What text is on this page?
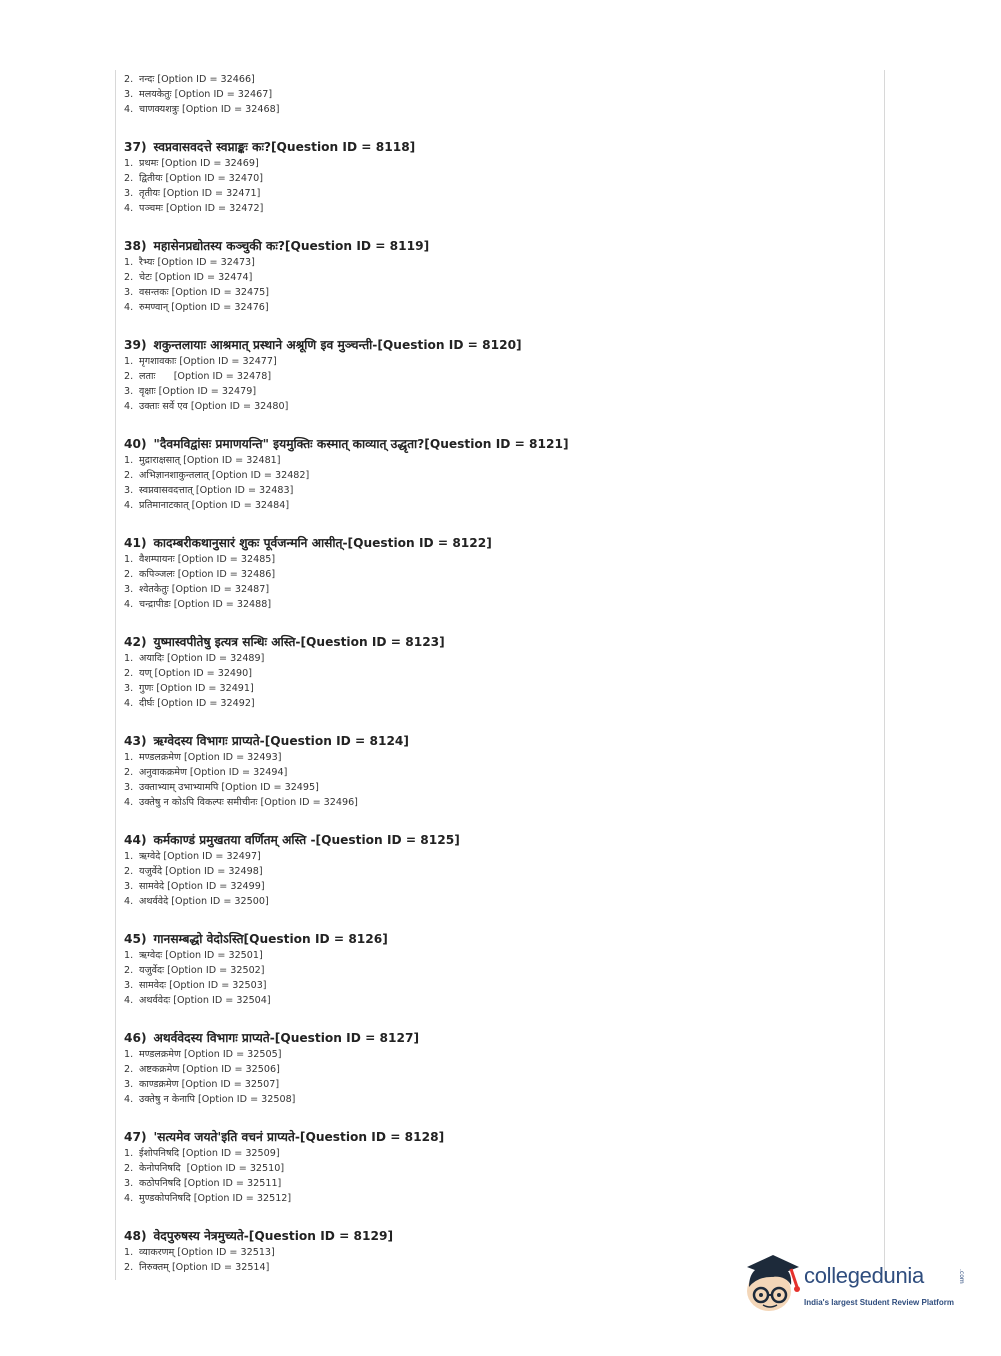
2. नन्दः [Option ID = 32466]
3. मलयकेतुः [Option ID = 32467]
4. चाणक्यशत्रुः [Option ID = 32468]
37) स्वप्नवासवदत्ते स्वप्नाङ्कः कः?[Question ID = 8118]
1. प्रथमः [Option ID = 32469]
2. द्वितीयः [Option ID = 32470]
3. तृतीयः [Option ID = 32471]
4. पञ्चमः [Option ID = 32472]
38) महासेनप्रद्योतस्य कञ्चुकी कः?[Question ID = 8119]
1. रैभ्यः [Option ID = 32473]
2. चेटः [Option ID = 32474]
3. वसन्तकः [Option ID = 32475]
4. रुमण्वान् [Option ID = 32476]
39) शकुन्तलायाः आश्रमात् प्रस्थाने अश्रूणि इव मुञ्चन्ती-[Question ID = 8120]
1. मृगशावकाः [Option ID = 32477]
2. लताः      [Option ID = 32478]
3. वृक्षाः [Option ID = 32479]
4. उक्ताः सर्वे एव [Option ID = 32480]
40) "दैवमविद्वांसः प्रमाणयन्ति" इयमुक्तिः कस्मात् काव्यात् उद्धृता?[Question ID = 8121]
1. मुद्राराक्षसात् [Option ID = 32481]
2. अभिज्ञानशाकुन्तलात् [Option ID = 32482]
3. स्वप्नवासवदत्तात् [Option ID = 32483]
4. प्रतिमानाटकात् [Option ID = 32484]
41) कादम्बरीकथानुसारं शुकः पूर्वजन्मनि आसीत्-[Question ID = 8122]
1. वैशम्पायनः [Option ID = 32485]
2. कपिञ्जलः [Option ID = 32486]
3. श्वेतकेतुः [Option ID = 32487]
4. चन्द्रापीडः [Option ID = 32488]
42) युष्मास्वपीतेषु इत्यत्र सन्धिः अस्ति-[Question ID = 8123]
1. अयादिः [Option ID = 32489]
2. यण् [Option ID = 32490]
3. गुणः [Option ID = 32491]
4. दीर्घः [Option ID = 32492]
43) ऋग्वेदस्य विभागः प्राप्यते-[Question ID = 8124]
1. मण्डलक्रमेण [Option ID = 32493]
2. अनुवाकक्रमेण [Option ID = 32494]
3. उक्ताभ्याम् उभाभ्यामपि [Option ID = 32495]
4. उक्तेषु न कोऽपि विकल्पः समीचीनः [Option ID = 32496]
44) कर्मकाण्डं प्रमुखतया वर्णितम् अस्ति -[Question ID = 8125]
1. ऋग्वेदे [Option ID = 32497]
2. यजुर्वेदे [Option ID = 32498]
3. सामवेदे [Option ID = 32499]
4. अथर्ववेदे [Option ID = 32500]
45) गानसम्बद्धो वेदोऽस्ति[Question ID = 8126]
1. ऋग्वेदः [Option ID = 32501]
2. यजुर्वेदः [Option ID = 32502]
3. सामवेदः [Option ID = 32503]
4. अथर्ववेदः [Option ID = 32504]
46) अथर्ववेदस्य विभागः प्राप्यते-[Question ID = 8127]
1. मण्डलक्रमेण [Option ID = 32505]
2. अष्टकक्रमेण [Option ID = 32506]
3. काण्डक्रमेण [Option ID = 32507]
4. उक्तेषु न केनापि [Option ID = 32508]
47) 'सत्यमेव जयते'इति वचनं प्राप्यते-[Question ID = 8128]
1. ईशोपनिषदि [Option ID = 32509]
2. केनोपनिषदि  [Option ID = 32510]
3. कठोपनिषदि [Option ID = 32511]
4. मुण्डकोपनिषदि [Option ID = 32512]
48) वेदपुरुषस्य नेत्रमुच्यते-[Question ID = 8129]
1. व्याकरणम् [Option ID = 32513]
2. निरुक्तम् [Option ID = 32514]	collegedunia	.com
India's largest Student Review Platform
